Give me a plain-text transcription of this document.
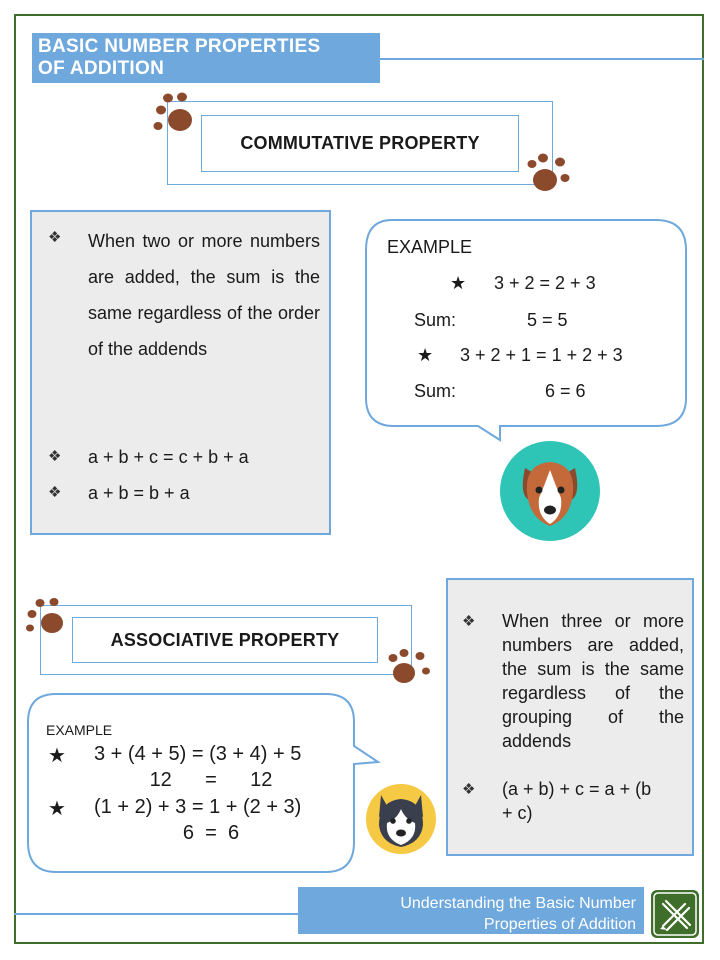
BASIC NUMBER PROPERTIES
OF ADDITION
COMMUTATIVE PROPERTY
❖	When two or more numbers are added, the sum is the same regardless of the order of the addends
❖	a + b + c = c + b + a
❖	a + b = b + a
EXAMPLE
★ 3 + 2 = 2 + 3
Sum:	5 = 5
★ 3 + 2 + 1 = 1 + 2 + 3
Sum:	6 = 6
ASSOCIATIVE PROPERTY
EXAMPLE
★ 3 + (4 + 5) = (3 + 4) + 5
12      =      12
★ (1 + 2) + 3 = 1 + (2 + 3)
6  =  6
❖	When three or more numbers are added, the sum is the same regardless of the grouping of the addends
❖	(a + b) + c = a + (b
+ c)
Understanding the Basic Number
Properties of Addition
